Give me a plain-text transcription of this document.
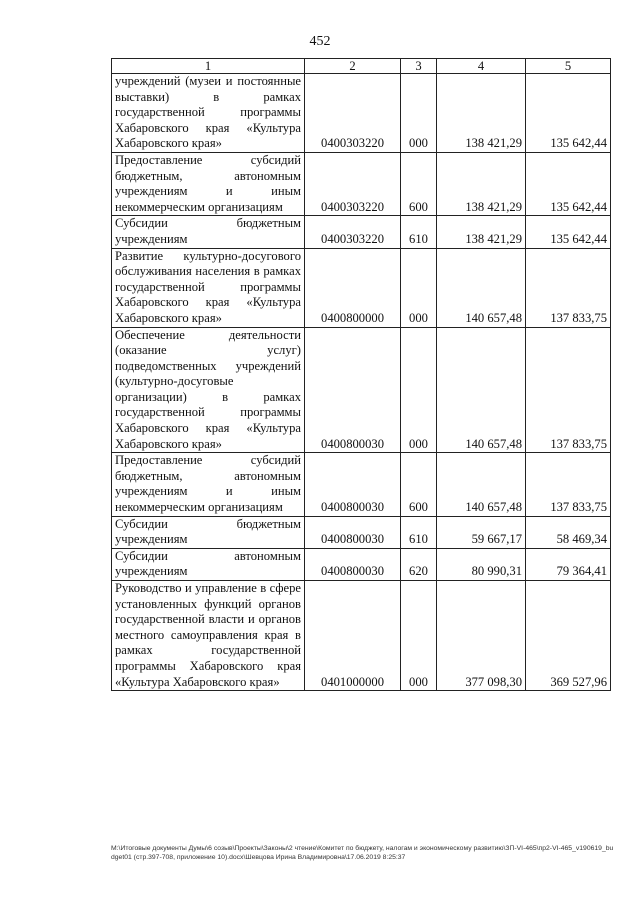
452
1	2	3	4	5
учреждений (музеи и постоянные выставки) в рамках государственной программы Хабаровского края «Культура Хабаровского края»	0400303220	000	138 421,29	135 642,44
Предоставление субсидий бюджетным, автономным учреждениям и иным некоммерческим организациям	0400303220	600	138 421,29	135 642,44
Субсидии бюджетным учреждениям	0400303220	610	138 421,29	135 642,44
Развитие культурно-досугового обслуживания населения в рамках государственной программы Хабаровского края «Культура Хабаровского края»	0400800000	000	140 657,48	137 833,75
Обеспечение деятельности (оказание услуг) подведомственных учреждений (культурно-досуговые организации) в рамках государственной программы Хабаровского края «Культура Хабаровского края»	0400800030	000	140 657,48	137 833,75
Предоставление субсидий бюджетным, автономным учреждениям и иным некоммерческим организациям	0400800030	600	140 657,48	137 833,75
Субсидии бюджетным учреждениям	0400800030	610	59 667,17	58 469,34
Субсидии автономным учреждениям	0400800030	620	80 990,31	79 364,41
Руководство и управление в сфере установленных функций органов государственной власти и органов местного самоуправления края в рамках государственной программы Хабаровского края «Культура Хабаровского края»	0401000000	000	377 098,30	369 527,96
M:\Итоговые документы Думы\6 созыв\Проекты\Законы\2 чтение\Комитет по бюджету, налогам и экономическому развитию\ЗП-VI-465\пр2-VI-465_v190619_budget01 (стр.397-708, приложение 10).docx\Шевцова Ирина Владимировна\17.06.2019 8:25:37
